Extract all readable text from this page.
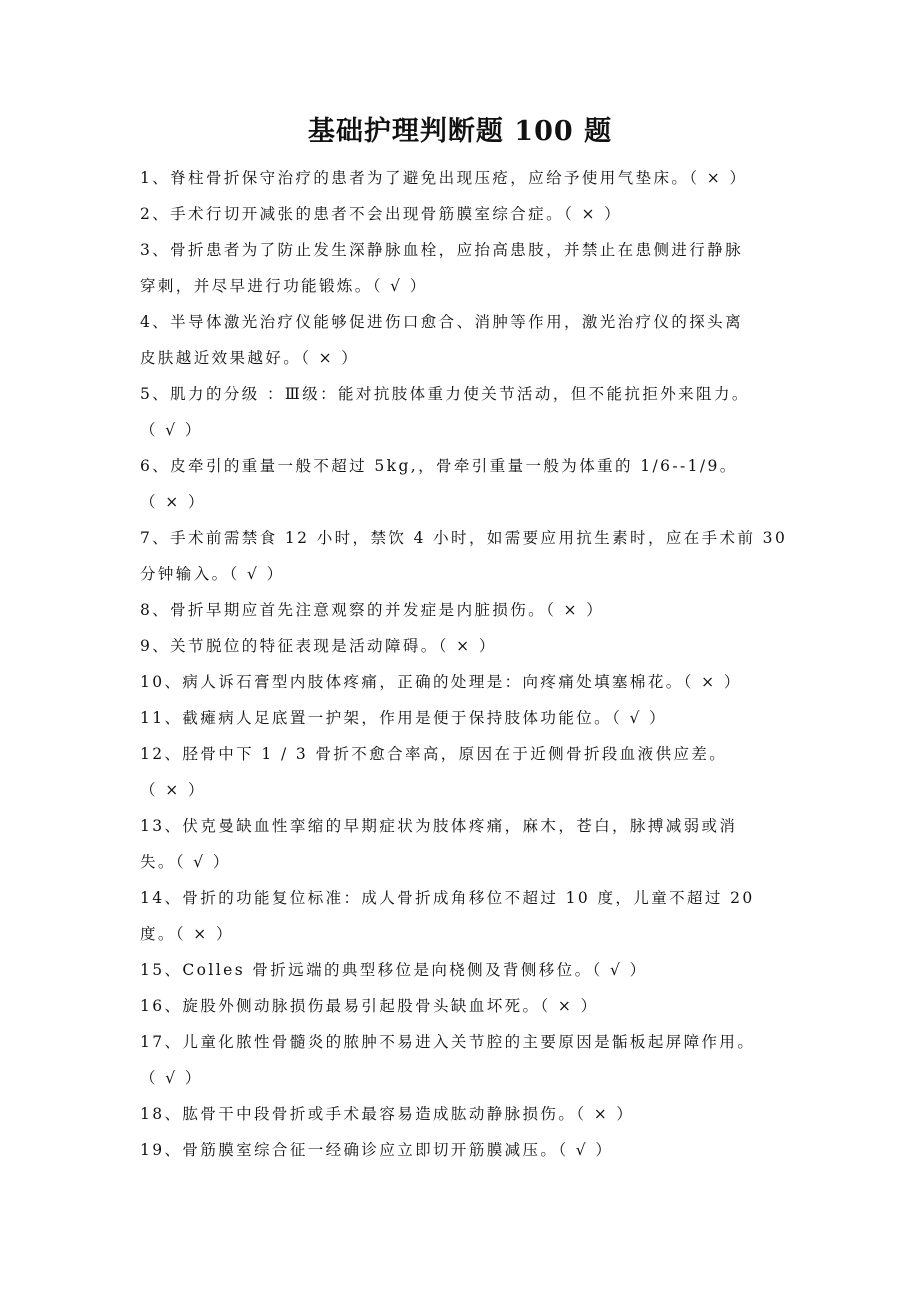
基础护理判断题 100 题
1、脊柱骨折保守治疗的患者为了避免出现压疮，应给予使用气垫床。（ × ）
2、手术行切开减张的患者不会出现骨筋膜室综合症。（ × ）
3、骨折患者为了防止发生深静脉血栓，应抬高患肢，并禁止在患侧进行静脉
穿刺，并尽早进行功能锻炼。（ √ ）
4、半导体激光治疗仪能够促进伤口愈合、消肿等作用，激光治疗仪的探头离
皮肤越近效果越好。（ × ）
5、肌力的分级 ：Ⅲ级：能对抗肢体重力使关节活动，但不能抗拒外来阻力。
（ √ ）
6、皮牵引的重量一般不超过 5kg,，骨牵引重量一般为体重的 1/6--1/9。
（ × ）
7、手术前需禁食 12 小时，禁饮 4 小时，如需要应用抗生素时，应在手术前 30
分钟输入。（ √ ）
8、骨折早期应首先注意观察的并发症是内脏损伤。（ × ）
9、关节脱位的特征表现是活动障碍。（ × ）
10、病人诉石膏型内肢体疼痛，正确的处理是：向疼痛处填塞棉花。（ × ）
11、截瘫病人足底置一护架，作用是便于保持肢体功能位。（ √ ）
12、胫骨中下 1 / 3 骨折不愈合率高，原因在于近侧骨折段血液供应差。
（ × ）
13、伏克曼缺血性挛缩的早期症状为肢体疼痛，麻木，苍白，脉搏减弱或消
失。（ √ ）
14、骨折的功能复位标准：成人骨折成角移位不超过 10 度，儿童不超过 20
度。（ × ）
15、Colles 骨折远端的典型移位是向桡侧及背侧移位。（ √ ）
16、旋股外侧动脉损伤最易引起股骨头缺血坏死。（ × ）
17、儿童化脓性骨髓炎的脓肿不易进入关节腔的主要原因是骺板起屏障作用。
（ √ ）
18、肱骨干中段骨折或手术最容易造成肱动静脉损伤。（ × ）
19、骨筋膜室综合征一经确诊应立即切开筋膜减压。（ √ ）
